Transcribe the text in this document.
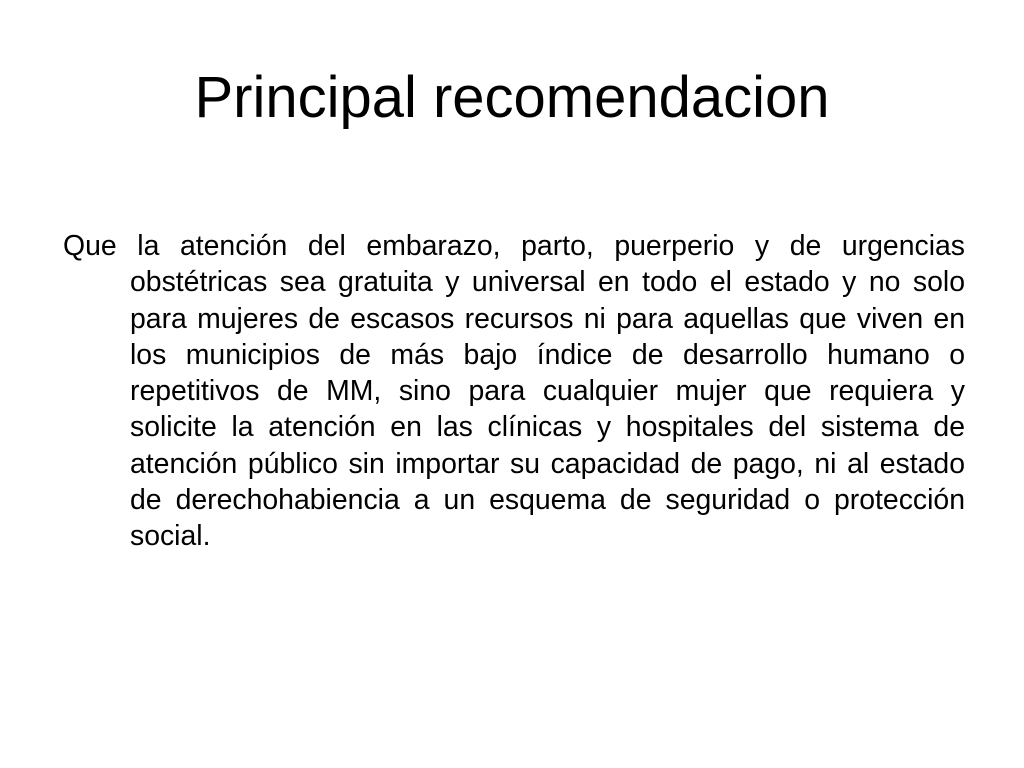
Principal recomendacion

Que la atención del embarazo, parto, puerperio y de urgencias obstétricas sea gratuita y universal en todo el estado y no solo para mujeres de escasos recursos ni para aquellas que viven en los municipios de más bajo índice de desarrollo humano o repetitivos de MM, sino para cualquier mujer que requiera y solicite la atención en las clínicas y hospitales del sistema de atención público sin importar su capacidad de pago, ni al estado de derechohabiencia a un esquema de seguridad o protección social.
